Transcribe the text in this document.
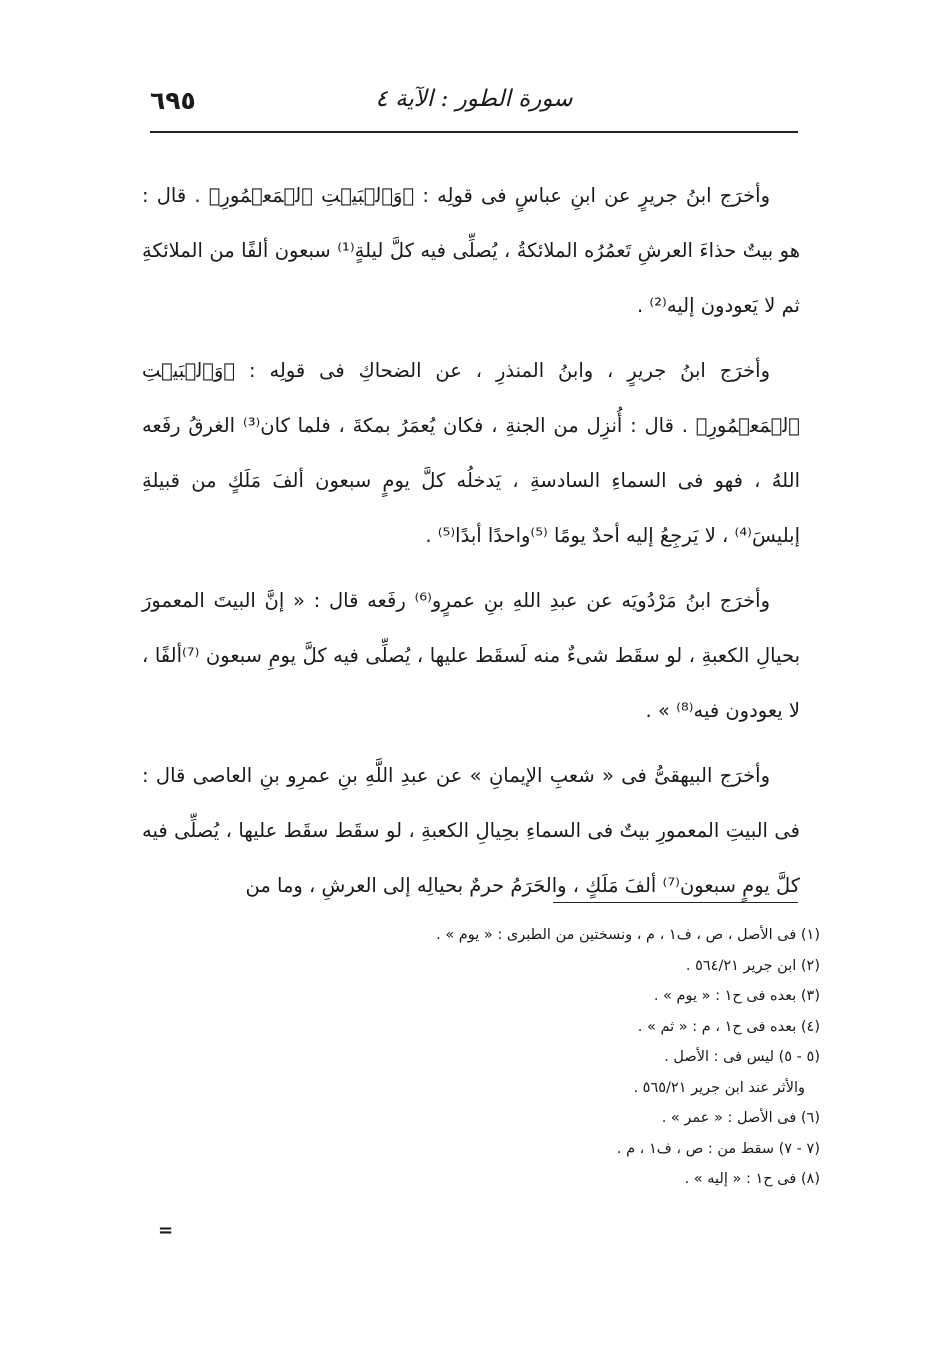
سورة الطور : الآية ٤
٦٩٥

وأخرَج ابنُ جريرٍ عن ابنِ عباسٍ فى قولِه : ﴿وَٱلۡبَيۡتِ ٱلۡمَعۡمُورِ﴾ . قال : هو بيتٌ حذاءَ العرشِ تَعمُرُه الملائكةُ ، يُصلِّى فيه كلَّ ليلةٍ⁽¹⁾ سبعون ألفًا من الملائكةِ ثم لا يَعودون إليه⁽²⁾ .

وأخرَج ابنُ جريرٍ ، وابنُ المنذرِ ، عن الضحاكِ فى قولِه : ﴿وَٱلۡبَيۡتِ ٱلۡمَعۡمُورِ﴾ . قال : أُنزِل من الجنةِ ، فكان يُعمَرُ بمكةَ ، فلما كان⁽³⁾ الغرقُ رفَعه اللهُ ، فهو فى السماءِ السادسةِ ، يَدخلُه كلَّ يومٍ سبعون ألفَ مَلَكٍ من قبيلةِ إبليسَ⁽⁴⁾ ، لا يَرجِعُ إليه أحدٌ يومًا ⁽⁵⁾واحدًا أبدًا⁽⁵⁾ .

وأخرَج ابنُ مَرْدُويَه عن عبدِ اللهِ بنِ عمرٍو⁽⁶⁾ رفَعه قال : « إنَّ البيتَ المعمورَ بحيالِ الكعبةِ ، لو سقَط شىءٌ منه لَسقَط عليها ، يُصلِّى فيه كلَّ يومِ سبعون ⁽⁷⁾ألفًا ، لا يعودون فيه⁽⁸⁾ » .

وأخرَج البيهقىُّ فى « شعبِ الإيمانِ » عن عبدِ اللَّهِ بنِ عمرِو بنِ العاصى قال : فى البيتِ المعمورِ بيتٌ فى السماءِ بحِيالِ الكعبةِ ، لو سقَط سقَط عليها ، يُصلِّى فيه كلَّ يومٍ سبعون⁽⁷⁾ ألفَ مَلَكٍ ، والحَرَمُ حرمٌ بحيالِه إلى العرشِ ، وما من

(١) فى الأصل ، ص ، ف١ ، م ، ونسختين من الطبرى : « يوم » .
(٢) ابن جرير ٥٦٤/٢١ .
(٣) بعده فى ح١ : « يوم » .
(٤) بعده فى ح١ ، م : « ثم » .
(٥ - ٥) ليس فى : الأصل .
والأثر عند ابن جرير ٥٦٥/٢١ .
(٦) فى الأصل : « عمر » .
(٧ - ٧) سقط من : ص ، ف١ ، م .
(٨) فى ح١ : « إليه » .
=
